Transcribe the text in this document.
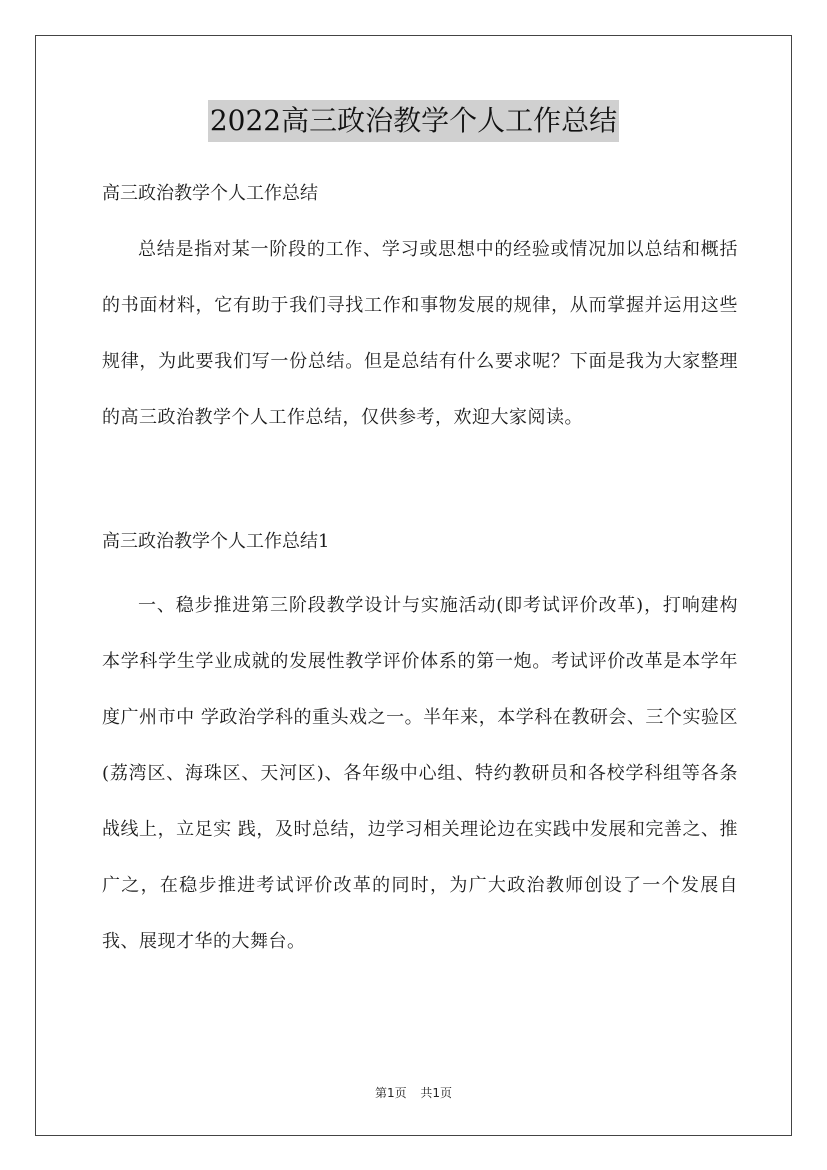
2022高三政治教学个人工作总结

高三政治教学个人工作总结

总结是指对某一阶段的工作、学习或思想中的经验或情况加以总结和概括的书面材料，它有助于我们寻找工作和事物发展的规律，从而掌握并运用这些规律，为此要我们写一份总结。但是总结有什么要求呢？下面是我为大家整理的高三政治教学个人工作总结，仅供参考，欢迎大家阅读。

高三政治教学个人工作总结1

一、稳步推进第三阶段教学设计与实施活动(即考试评价改革)，打响建构本学科学生学业成就的发展性教学评价体系的第一炮。考试评价改革是本学年度广州市中 学政治学科的重头戏之一。半年来，本学科在教研会、三个实验区(荔湾区、海珠区、天河区)、各年级中心组、特约教研员和各校学科组等各条战线上，立足实 践，及时总结，边学习相关理论边在实践中发展和完善之、推广之，在稳步推进考试评价改革的同时，为广大政治教师创设了一个发展自我、展现才华的大舞台。

第1页 共1页
